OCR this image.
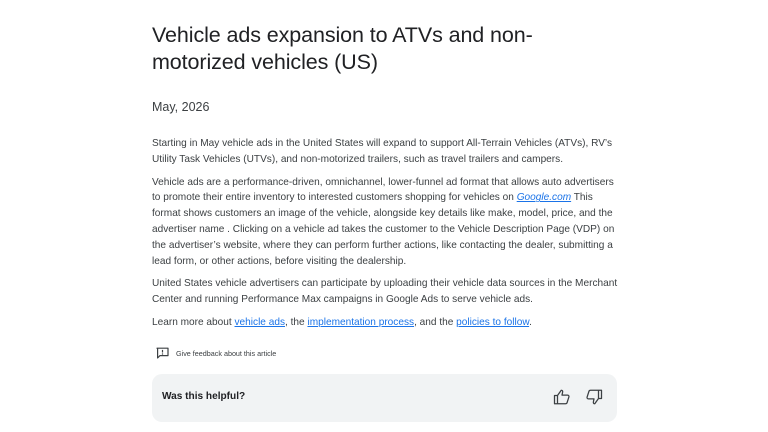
Vehicle ads expansion to ATVs and non-motorized vehicles (US)
May, 2026

Starting in May vehicle ads in the United States will expand to support All-Terrain Vehicles (ATVs), RV’s Utility Task Vehicles (UTVs), and non-motorized trailers, such as travel trailers and campers.

Vehicle ads are a performance-driven, omnichannel, lower-funnel ad format that allows auto advertisers to promote their entire inventory to interested customers shopping for vehicles on Google.com This format shows customers an image of the vehicle, alongside key details like make, model, price, and the advertiser name . Clicking on a vehicle ad takes the customer to the Vehicle Description Page (VDP) on the advertiser’s website, where they can perform further actions, like contacting the dealer, submitting a lead form, or other actions, before visiting the dealership.

United States vehicle advertisers can participate by uploading their vehicle data sources in the Merchant Center and running Performance Max campaigns in Google Ads to serve vehicle ads.

Learn more about vehicle ads, the implementation process, and the policies to follow.

Give feedback about this article
Was this helpful?
